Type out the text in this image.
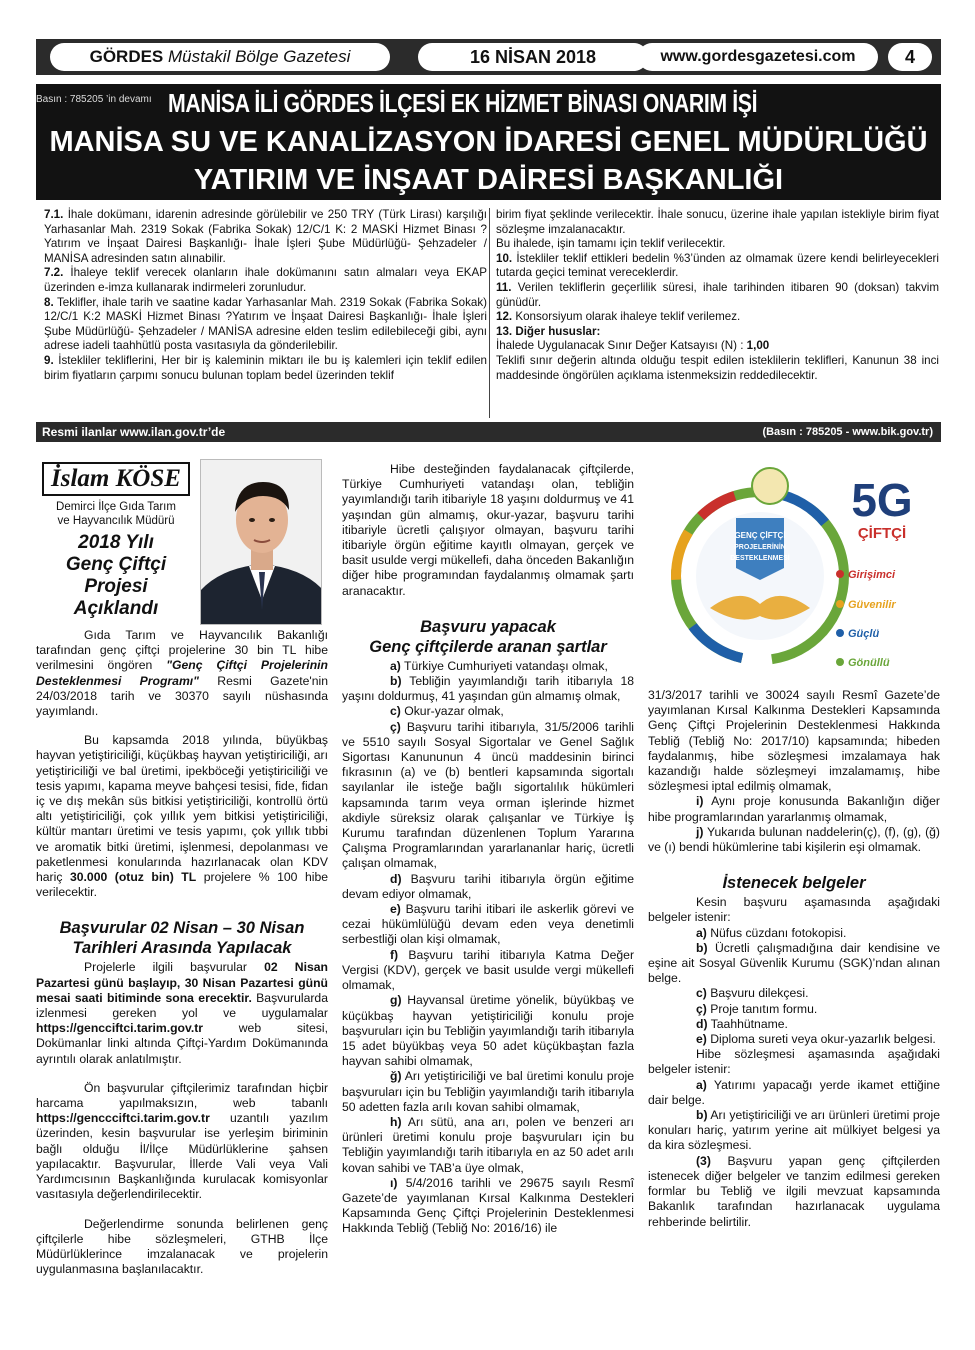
GÖRDES Müstakil Bölge Gazetesi	16 NİSAN 2018	www.gordesgazetesi.com	4
Basın : 785205 ’in devamı MANİSA İLİ GÖRDES İLÇESİ EK HİZMET BİNASI ONARIM İŞİ
MANİSA SU VE KANALİZASYON İDARESİ GENEL MÜDÜRLÜĞÜ
YATIRIM VE İNŞAAT DAİRESİ BAŞKANLIĞI
7.1. İhale dokümanı, idarenin adresinde görülebilir ve 250 TRY (Türk Lirası) karşılığı Yarhasanlar Mah. 2319 Sokak (Fabrika Sokak) 12/C/1 K: 2 MASKİ Hizmet Binası ?Yatırım ve İnşaat Dairesi Başkanlığı- İhale İşleri Şube Müdürlüğü- Şehzadeler / MANİSA adresinden satın alınabilir.
7.2. İhaleye teklif verecek olanların ihale dokümanını satın almaları veya EKAP üzerinden e-imza kullanarak indirmeleri zorunludur.
8. Teklifler, ihale tarih ve saatine kadar Yarhasanlar Mah. 2319 Sokak (Fabrika Sokak) 12/C/1 K:2 MASKİ Hizmet Binası ?Yatırım ve İnşaat Dairesi Başkanlığı- İhale İşleri Şube Müdürlüğü- Şehzadeler / MANİSA adresine elden teslim edilebileceği gibi, aynı adrese iadeli taahhütlü posta vasıtasıyla da gönderilebilir.
9. İstekliler tekliflerini, Her bir iş kaleminin miktarı ile bu iş kalemleri için teklif edilen birim fiyatların çarpımı sonucu bulunan toplam bedel üzerinden teklif
birim fiyat şeklinde verilecektir. İhale sonucu, üzerine ihale yapılan istekliyle birim fiyat sözleşme imzalanacaktır.
Bu ihalede, işin tamamı için teklif verilecektir.
10. İstekliler teklif ettikleri bedelin %3’ünden az olmamak üzere kendi belirleyecekleri tutarda geçici teminat vereceklerdir.
11. Verilen tekliflerin geçerlilik süresi, ihale tarihinden itibaren 90 (doksan) takvim günüdür.
12. Konsorsiyum olarak ihaleye teklif verilemez.
13. Diğer hususlar:
İhalede Uygulanacak Sınır Değer Katsayısı (N) : 1,00
Teklifi sınır değerin altında olduğu tespit edilen isteklilerin teklifleri, Kanunun 38 inci maddesinde öngörülen açıklama istenmeksizin reddedilecektir.
Resmi ilanlar www.ilan.gov.tr’de	(Basın : 785205 - www.bik.gov.tr)
İslam KÖSE
Demirci İlçe Gıda Tarım
ve Hayvancılık Müdürü
2018 Yılı
Genç Çiftçi
Projesi
Açıklandı

Gıda Tarım ve Hayvancılık Bakanlığı tarafından genç çiftçi projelerine 30 bin TL hibe verilmesini öngören "Genç Çiftçi Projelerinin Desteklenmesi Programı" Resmi Gazete'nin 24/03/2018 tarih ve 30370 sayılı nüshasında yayımlandı.

Bu kapsamda 2018 yılında, büyükbaş hayvan yetiştiriciliği, küçükbaş hayvan yetiştiriciliği, arı yetiştiriciliği ve bal üretimi, ipekböceği yetiştiriciliği ve tesis yapımı, kapama meyve bahçesi tesisi, fide, fidan iç ve dış mekân süs bitkisi yetiştiriciliği, kontrollü örtü altı yetiştiriciliği, çok yıllık yem bitkisi yetiştiriciliği, kültür mantarı üretimi ve tesis yapımı, çok yıllık tıbbi ve aromatik bitki üretimi, işlenmesi, depolanması ve paketlenmesi konularında hazırlanacak olan KDV hariç 30.000 (otuz bin) TL projelere % 100 hibe verilecektir.

Başvurular 02 Nisan – 30 Nisan
Tarihleri Arasında Yapılacak

Projelerle ilgili başvurular 02 Nisan Pazartesi günü başlayıp, 30 Nisan Pazartesi günü mesai saati bitiminde sona erecektir. Başvurularda izlenmesi gereken yol ve uygulamalar https://gencciftci.tarim.gov.tr web sitesi, Dokümanlar linki altında Çiftçi-Yardım Dokümanında ayrıntılı olarak anlatılmıştır.

Ön başvurular çiftçilerimiz tarafından hiçbir harcama yapılmaksızın, web tabanlı https://genccciftci.tarim.gov.tr uzantılı yazılım üzerinden, kesin başvurular ise yerleşim biriminin bağlı olduğu İl/İlçe Müdürlüklerine şahsen yapılacaktır. Başvurular, İllerde Vali veya Vali Yardımcısının Başkanlığında kurulacak komisyonlar vasıtasıyla değerlendirilecektir.

Değerlendirme sonunda belirlenen genç çiftçilerle hibe sözleşmeleri, GTHB İlçe Müdürlüklerince imzalanacak ve projelerin uygulanmasına başlanılacaktır.

Hibe desteğinden faydalanacak çiftçilerde, Türkiye Cumhuriyeti vatandaşı olan, tebliğin yayımlandığı tarih itibariyle 18 yaşını doldurmuş ve 41 yaşından gün almamış, okur-yazar, başvuru tarihi itibariyle ücretli çalışıyor olmayan, başvuru tarihi itibariyle örgün eğitime kayıtlı olmayan, gerçek ve basit usulde vergi mükellefi, daha önceden Bakanlığın diğer hibe programından faydalanmış olmamak şartı aranacaktır.

Başvuru yapacak
Genç çiftçilerde aranan şartlar

a) Türkiye Cumhuriyeti vatandaşı olmak,

b) Tebliğin yayımlandığı tarih itibarıyla 18 yaşını doldurmuş, 41 yaşından gün almamış olmak,

c) Okur-yazar olmak,

ç) Başvuru tarihi itibarıyla, 31/5/2006 tarihli ve 5510 sayılı Sosyal Sigortalar ve Genel Sağlık Sigortası Kanununun 4 üncü maddesinin birinci fıkrasının (a) ve (b) bentleri kapsamında sigortalı sayılanlar ile isteğe bağlı sigortalılık hükümleri kapsamında tarım veya orman işlerinde hizmet akdiyle süreksiz olarak çalışanlar ve Türkiye İş Kurumu tarafından düzenlenen Toplum Yararına Çalışma Programlarından yararlananlar hariç, ücretli çalışan olmamak,

d) Başvuru tarihi itibarıyla örgün eğitime devam ediyor olmamak,

e) Başvuru tarihi itibari ile askerlik görevi ve cezai hükümlülüğü devam eden veya denetimli serbestliği olan kişi olmamak,

f) Başvuru tarihi itibarıyla Katma Değer Vergisi (KDV), gerçek ve basit usulde vergi mükellefi olmamak,

g) Hayvansal üretime yönelik, büyükbaş ve küçükbaş hayvan yetiştiriciliği konulu proje başvuruları için bu Tebliğin yayımlandığı tarih itibarıyla 15 adet büyükbaş veya 50 adet küçükbaştan fazla hayvan sahibi olmamak,

ğ) Arı yetiştiriciliği ve bal üretimi konulu proje başvuruları için bu Tebliğin yayımlandığı tarih itibarıyla 50 adetten fazla arılı kovan sahibi olmamak,

h) Arı sütü, ana arı, polen ve benzeri arı ürünleri üretimi konulu proje başvuruları için bu Tebliğin yayımlandığı tarih itibarıyla en az 50 adet arılı kovan sahibi ve TAB’a üye olmak,

ı) 5/4/2016 tarihli ve 29675 sayılı Resmî Gazete’de yayımlanan Kırsal Kalkınma Destekleri Kapsamında Genç Çiftçi Projelerinin Desteklenmesi Hakkında Tebliğ (Tebliğ No: 2016/16) ile

GENÇ ÇİFTÇİ
PROJELERİNİN
DESTEKLENMESİ
5G
ÇİFTÇİ
Girişimci
Güvenilir
Güçlü
Gönüllü

31/3/2017 tarihli ve 30024 sayılı Resmî Gazete’de yayımlanan Kırsal Kalkınma Destekleri Kapsamında Genç Çiftçi Projelerinin Desteklenmesi Hakkında Tebliğ (Tebliğ No: 2017/10) kapsamında; hibeden faydalanmış, hibe sözleşmesi imzalamaya hak kazandığı halde sözleşmeyi imzalamamış, hibe sözleşmesi iptal edilmiş olmamak,

i) Aynı proje konusunda Bakanlığın diğer hibe programlarından yararlanmış olmamak,

j) Yukarıda bulunan naddelerin(ç), (f), (g), (ğ) ve (ı) bendi hükümlerine tabi kişilerin eşi olmamak.

İstenecek belgeler

Kesin başvuru aşamasında aşağıdaki belgeler istenir:

a) Nüfus cüzdanı fotokopisi.

b) Ücretli çalışmadığına dair kendisine ve eşine ait Sosyal Güvenlik Kurumu (SGK)’ndan alınan belge.

c) Başvuru dilekçesi.

ç) Proje tanıtım formu.

d) Taahhütname.

e) Diploma sureti veya okur-yazarlık belgesi.

Hibe sözleşmesi aşamasında aşağıdaki belgeler istenir:

a) Yatırımı yapacağı yerde ikamet ettiğine dair belge.

b) Arı yetiştiriciliği ve arı ürünleri üretimi proje konuları hariç, yatırım yerine ait mülkiyet belgesi ya da kira sözleşmesi.

(3) Başvuru yapan genç çiftçilerden istenecek diğer belgeler ve tanzim edilmesi gereken formlar bu Tebliğ ve ilgili mevzuat kapsamında Bakanlık tarafından hazırlanacak uygulama rehberinde belirtilir.
